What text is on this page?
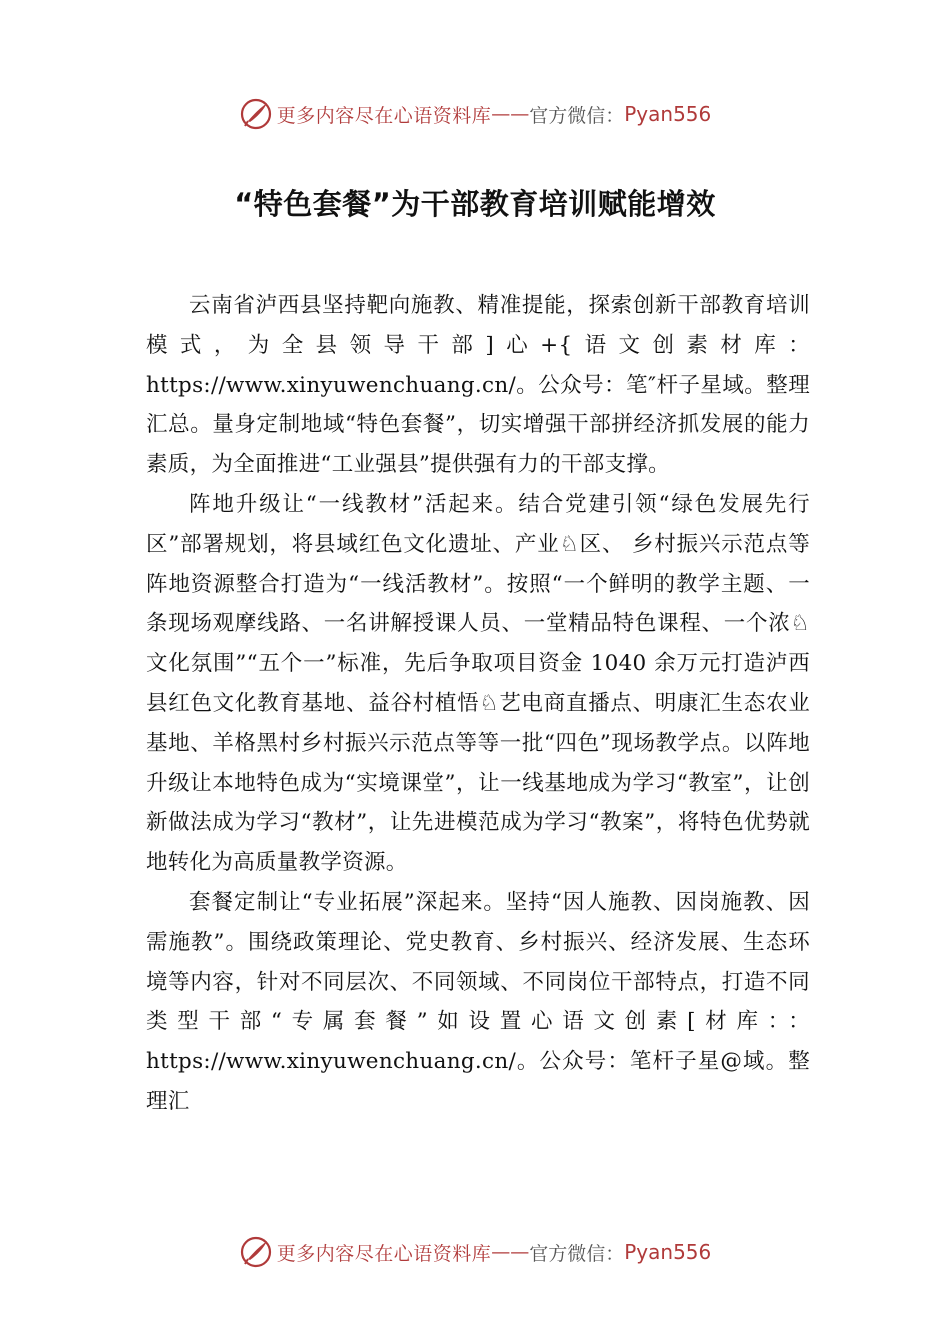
更多内容尽在心语资料库 —— 官方微信： Pyan556
“特色套餐”为干部教育培训赋能增效

云南省泸西县坚持靶向施教、精准提能，探索创新干部教育培训模式，为全县领导干部]心+{语文创素材库：https://www.xinyuwenchuang.cn/。公众号：笔″杆子星域。整理汇总。量身定制地域“特色套餐”，切实增强干部拼经济抓发展的能力素质，为全面推进“工业强县”提供强有力的干部支撑。

阵地升级让“一线教材”活起来。结合党建引领“绿色发展先行区”部署规划，将县域红色文化遗址、产业♘区、 乡村振兴示范点等阵地资源整合打造为“一线活教材”。按照“一个鲜明的教学主题、一条现场观摩线路、一名讲解授课人员、一堂精品特色课程、一个浓♘文化氛围”“五个一”标准，先后争取项目资金 1040 余万元打造泸西县红色文化教育基地、益谷村植悟♘艺电商直播点、明康汇生态农业基地、羊格黑村乡村振兴示范点等等一批“四色”现场教学点。以阵地升级让本地特色成为“实境课堂”，让一线基地成为学习“教室”，让创新做法成为学习“教材”，让先进模范成为学习“教案”，将特色优势就地转化为高质量教学资源。

套餐定制让“专业拓展”深起来。坚持“因人施教、因岗施教、因需施教”。围绕政策理论、党史教育、乡村振兴、经济发展、生态环境等内容，针对不同层次、不同领域、不同岗位干部特点，打造不同类型干部“专属套餐”如设置心语文创素[材库：：https://www.xinyuwenchuang.cn/。公众号：笔杆子星@域。整理汇

更多内容尽在心语资料库 —— 官方微信： Pyan556
